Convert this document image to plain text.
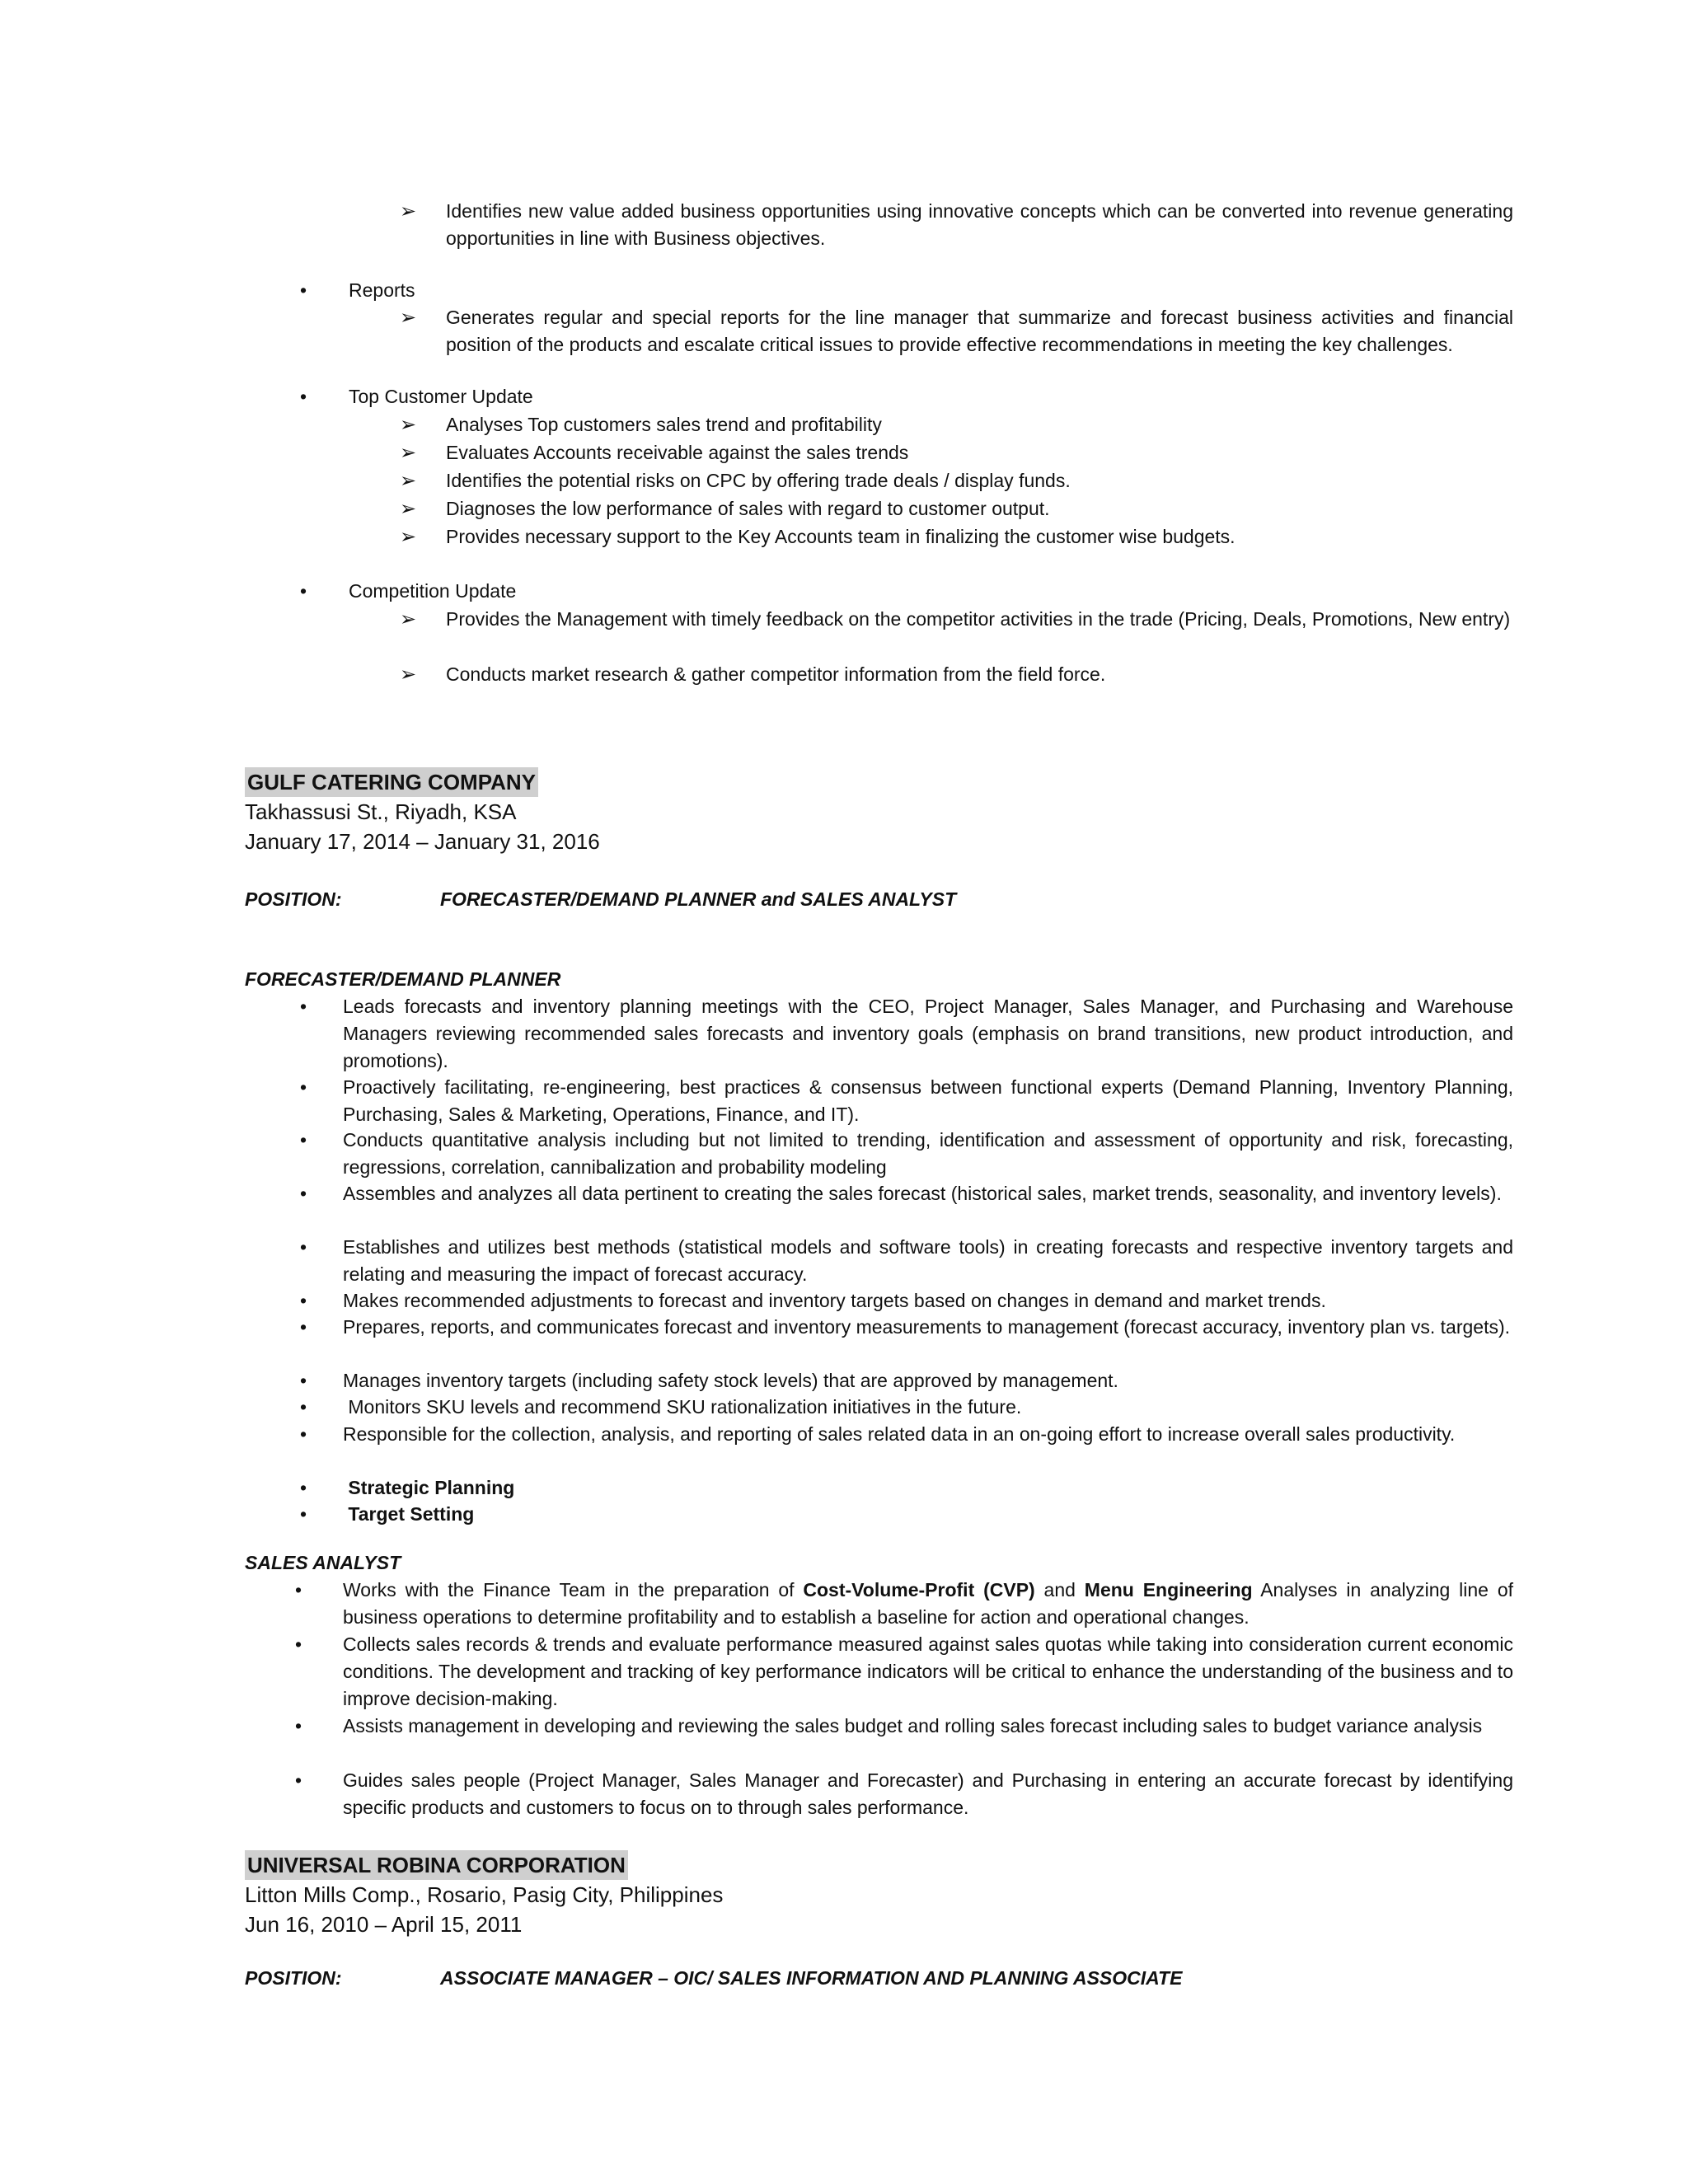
➢ Identifies new value added business opportunities using innovative concepts which can be converted into revenue generating opportunities in line with Business objectives.
• Reports
➢ Generates regular and special reports for the line manager that summarize and forecast business activities and financial position of the products and escalate critical issues to provide effective recommendations in meeting the key challenges.
• Top Customer Update
➢ Analyses Top customers sales trend and profitability
➢ Evaluates Accounts receivable against the sales trends
➢ Identifies the potential risks on CPC by offering trade deals / display funds.
➢ Diagnoses the low performance of sales with regard to customer output.
➢ Provides necessary support to the Key Accounts team in finalizing the customer wise budgets.
• Competition Update
➢ Provides the Management with timely feedback on the competitor activities in the trade (Pricing, Deals, Promotions, New entry)
➢ Conducts market research & gather competitor information from the field force.
GULF CATERING COMPANY
Takhassusi St., Riyadh, KSA
January 17, 2014 – January 31, 2016
POSITION:	FORECASTER/DEMAND PLANNER and SALES ANALYST
FORECASTER/DEMAND PLANNER
• Leads forecasts and inventory planning meetings with the CEO, Project Manager, Sales Manager, and Purchasing and Warehouse Managers reviewing recommended sales forecasts and inventory goals (emphasis on brand transitions, new product introduction, and promotions).
• Proactively facilitating, re-engineering, best practices & consensus between functional experts (Demand Planning, Inventory Planning, Purchasing, Sales & Marketing, Operations, Finance, and IT).
• Conducts quantitative analysis including but not limited to trending, identification and assessment of opportunity and risk, forecasting, regressions, correlation, cannibalization and probability modeling
• Assembles and analyzes all data pertinent to creating the sales forecast (historical sales, market trends, seasonality, and inventory levels).
• Establishes and utilizes best methods (statistical models and software tools) in creating forecasts and respective inventory targets and relating and measuring the impact of forecast accuracy.
• Makes recommended adjustments to forecast and inventory targets based on changes in demand and market trends.
• Prepares, reports, and communicates forecast and inventory measurements to management (forecast accuracy, inventory plan vs. targets).
• Manages inventory targets (including safety stock levels) that are approved by management.
• Monitors SKU levels and recommend SKU rationalization initiatives in the future.
• Responsible for the collection, analysis, and reporting of sales related data in an on-going effort to increase overall sales productivity.
• Strategic Planning
• Target Setting
SALES ANALYST
• Works with the Finance Team in the preparation of Cost-Volume-Profit (CVP) and Menu Engineering Analyses in analyzing line of business operations to determine profitability and to establish a baseline for action and operational changes.
• Collects sales records & trends and evaluate performance measured against sales quotas while taking into consideration current economic conditions. The development and tracking of key performance indicators will be critical to enhance the understanding of the business and to improve decision-making.
• Assists management in developing and reviewing the sales budget and rolling sales forecast including sales to budget variance analysis
• Guides sales people (Project Manager, Sales Manager and Forecaster) and Purchasing in entering an accurate forecast by identifying specific products and customers to focus on to through sales performance.
UNIVERSAL ROBINA CORPORATION
Litton Mills Comp., Rosario, Pasig City, Philippines
Jun 16, 2010 – April 15, 2011
POSITION:	ASSOCIATE MANAGER – OIC/ SALES INFORMATION AND PLANNING ASSOCIATE
